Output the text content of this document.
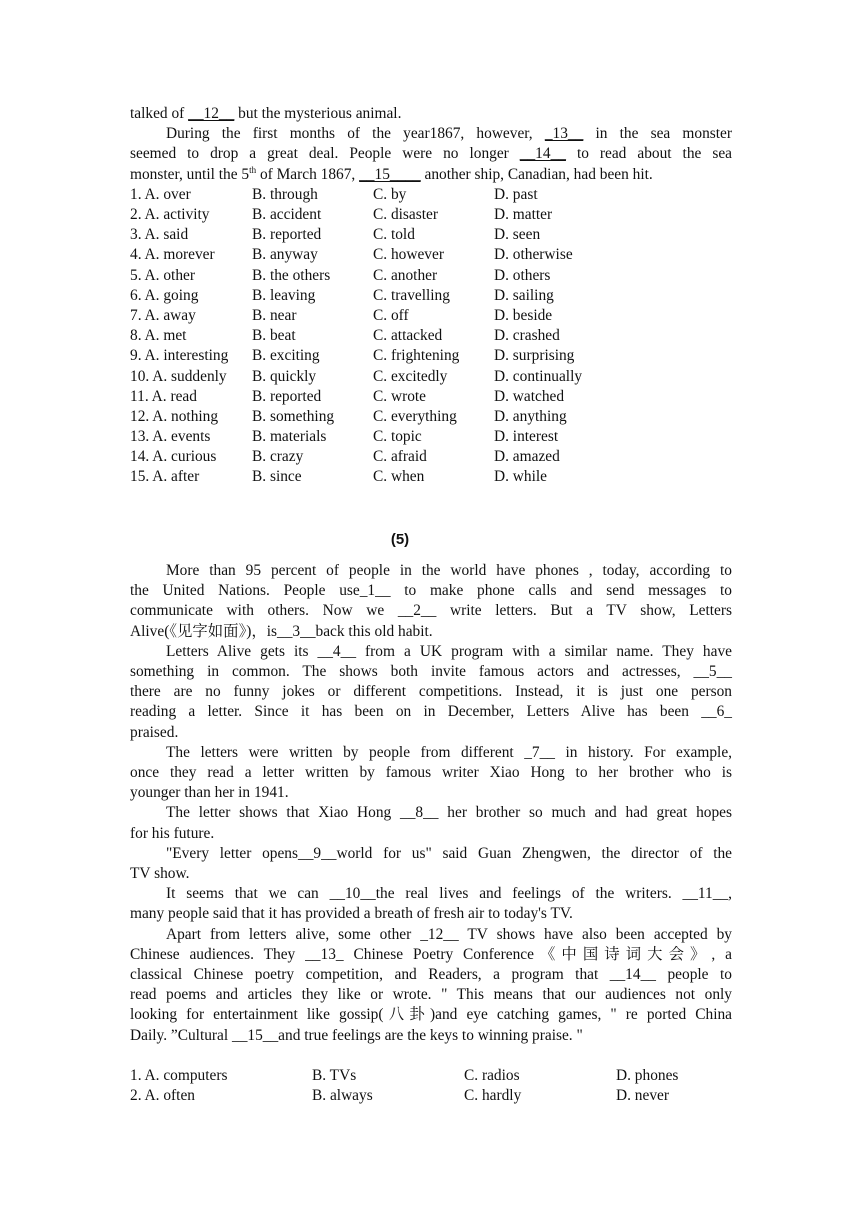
talked of __12__ but the mysterious animal.

During the first months of the year1867, however, _13__ in the sea monster
seemed to drop a great deal. People were no longer __14__ to read about the sea
monster, until the 5th of March 1867, __15____ another ship, Canadian, had been hit.

1. A. over	B. through	C. by	D. past
2. A. activity	B. accident	C. disaster	D. matter
3. A. said	B. reported	C. told	D. seen
4. A. morever	B. anyway	C. however	D. otherwise
5. A. other	B. the others	C. another	D. others
6. A. going	B. leaving	C. travelling	D. sailing
7. A. away	B. near	C. off	D. beside
8. A. met	B. beat	C. attacked	D. crashed
9. A. interesting	B. exciting	C. frightening	D. surprising
10. A. suddenly	B. quickly	C. excitedly	D. continually
11. A. read	B. reported	C. wrote	D. watched
12. A. nothing	B. something	C. everything	D. anything
13. A. events	B. materials	C. topic	D. interest
14. A. curious	B. crazy	C. afraid	D. amazed
15. A. after	B. since	C. when	D. while
(5)

More than 95 percent of people in the world have phones , today, according to
the United Nations. People use_1__ to make phone calls and send messages to
communicate with others. Now we __2__ write letters. But a TV show, Letters
Alive(《见字如面》)，is__3__back this old habit.

Letters Alive gets its __4__ from a UK program with a similar name. They have
something in common. The shows both invite famous actors and actresses, __5__
there are no funny jokes or different competitions. Instead, it is just one person
reading a letter. Since it has been on in December, Letters Alive has been __6_
praised.

The letters were written by people from different _7__ in history. For example,
once they read a letter written by famous writer Xiao Hong to her brother who is
younger than her in 1941.

The letter shows that Xiao Hong __8__ her brother so much and had great hopes
for his future.

"Every letter opens__9__world for us" said Guan Zhengwen, the director of the
TV show.

It seems that we can __10__the real lives and feelings of the writers. __11__,
many people said that it has provided a breath of fresh air to today's TV.

Apart from letters alive, some other _12__ TV shows have also been accepted by
Chinese audiences. They __13_ Chinese Poetry Conference《中国诗词大会》, a
classical Chinese poetry competition, and Readers, a program that __14__ people to
read poems and articles they like or wrote. " This means that our audiences not only
looking for entertainment like gossip(八卦)and eye catching games, " re ported China
Daily. ”Cultural __15__and true feelings are the keys to winning praise. "

1. A. computers	B. TVs	C. radios	D. phones
2. A. often	B. always	C. hardly	D. never
